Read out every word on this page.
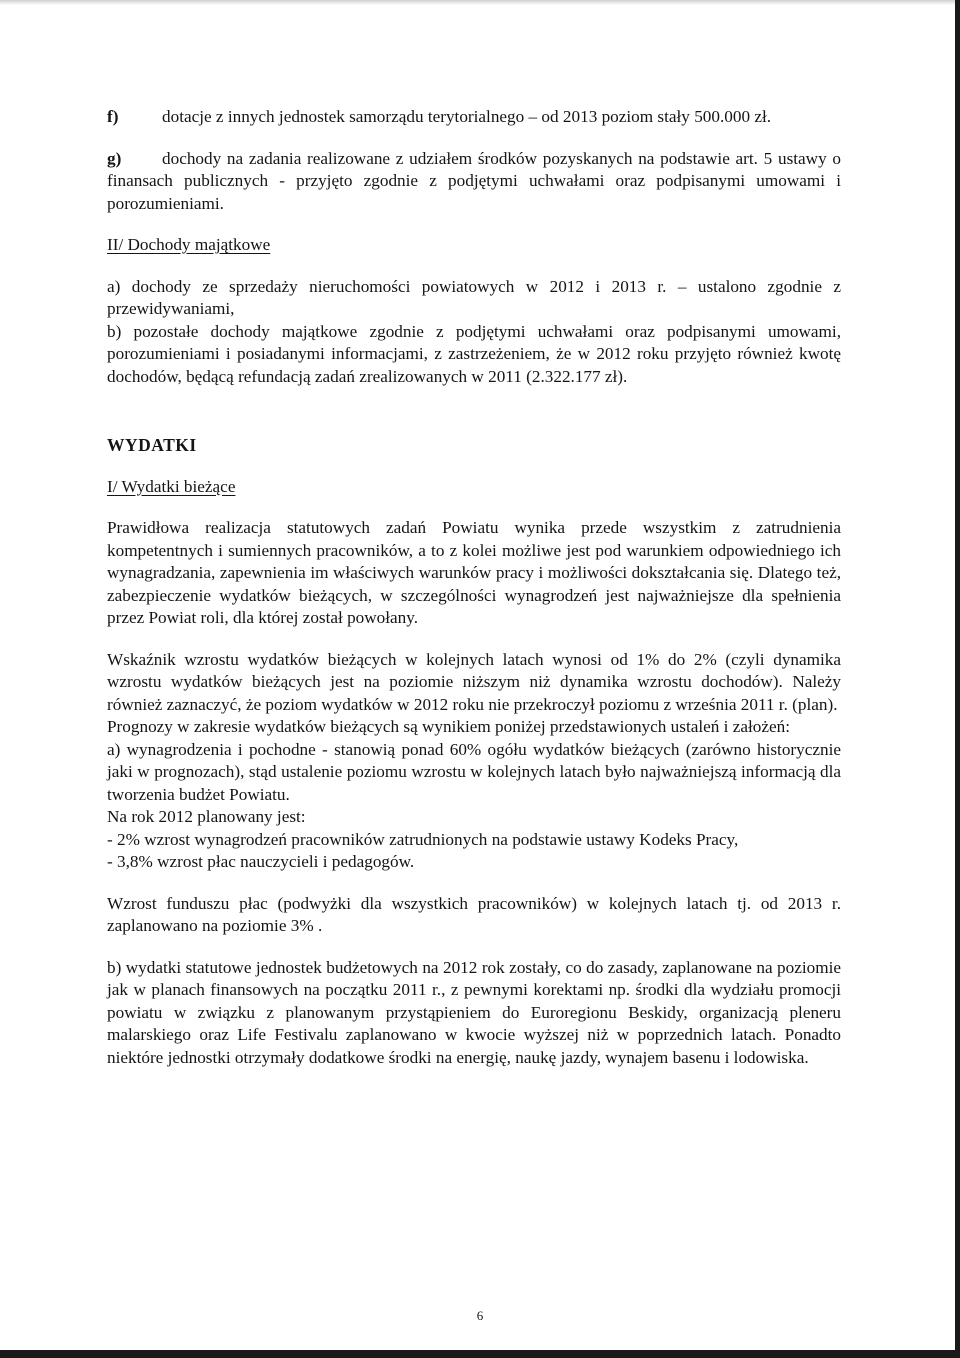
f)	dotacje z innych jednostek samorządu terytorialnego – od 2013 poziom stały 500.000 zł.

g) dochody na zadania realizowane z udziałem środków pozyskanych na podstawie art. 5 ustawy o finansach publicznych - przyjęto zgodnie z podjętymi uchwałami oraz podpisanymi umowami i porozumieniami.

II/ Dochody majątkowe

a) dochody ze sprzedaży nieruchomości powiatowych w 2012 i 2013 r. – ustalono zgodnie z przewidywaniami,

b) pozostałe dochody majątkowe zgodnie z podjętymi uchwałami oraz podpisanymi umowami, porozumieniami i posiadanymi informacjami, z zastrzeżeniem, że w 2012 roku przyjęto również kwotę dochodów, będącą refundacją zadań zrealizowanych w 2011 (2.322.177 zł).

WYDATKI

I/ Wydatki bieżące

Prawidłowa realizacja statutowych zadań Powiatu wynika przede wszystkim z zatrudnienia kompetentnych i sumiennych pracowników, a to z kolei możliwe jest pod warunkiem odpowiedniego ich wynagradzania, zapewnienia im właściwych warunków pracy i możliwości dokształcania się. Dlatego też, zabezpieczenie wydatków bieżących, w szczególności wynagrodzeń jest najważniejsze dla spełnienia przez Powiat roli, dla której został powołany.

Wskaźnik wzrostu wydatków bieżących w kolejnych latach wynosi od 1% do 2% (czyli dynamika wzrostu wydatków bieżących jest na poziomie niższym niż dynamika wzrostu dochodów). Należy również zaznaczyć, że poziom wydatków w 2012 roku nie przekroczył poziomu z września 2011 r. (plan).

Prognozy w zakresie wydatków bieżących są wynikiem poniżej przedstawionych ustaleń i założeń:

a) wynagrodzenia i pochodne - stanowią ponad 60% ogółu wydatków bieżących (zarówno historycznie jaki w prognozach), stąd ustalenie poziomu wzrostu w kolejnych latach było najważniejszą informacją dla tworzenia budżet Powiatu.

Na rok 2012 planowany jest:

- 2% wzrost wynagrodzeń pracowników zatrudnionych na podstawie ustawy Kodeks Pracy,

- 3,8% wzrost płac nauczycieli i pedagogów.

Wzrost funduszu płac (podwyżki dla wszystkich pracowników) w kolejnych latach tj. od 2013 r. zaplanowano na poziomie 3% .

b) wydatki statutowe jednostek budżetowych na 2012 rok zostały, co do zasady, zaplanowane na poziomie jak w planach finansowych na początku 2011 r., z pewnymi korektami np. środki dla wydziału promocji powiatu w związku z planowanym przystąpieniem do Euroregionu Beskidy, organizacją pleneru malarskiego oraz Life Festivalu zaplanowano w kwocie wyższej niż w poprzednich latach. Ponadto niektóre jednostki otrzymały dodatkowe środki na energię, naukę jazdy, wynajem basenu i lodowiska.

6
